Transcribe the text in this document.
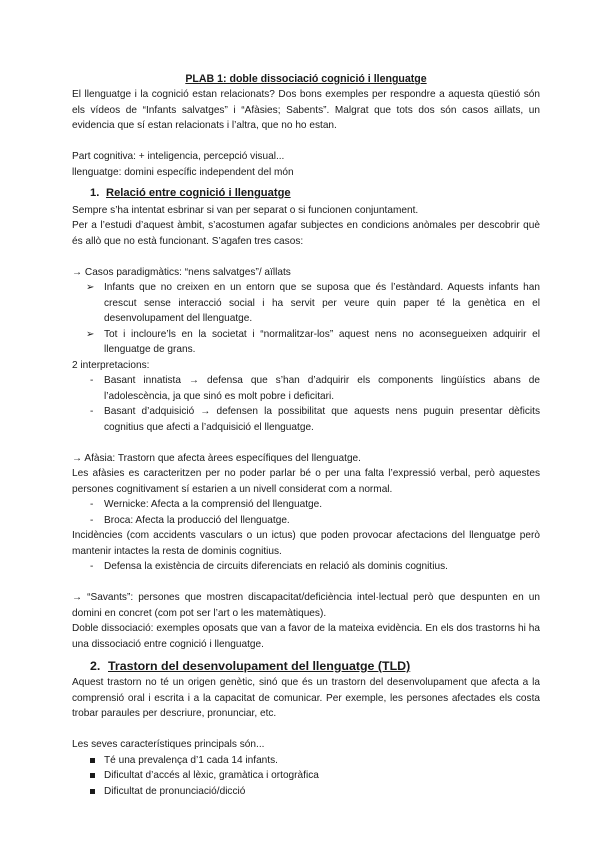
PLAB 1: doble dissociació cognició i llenguatge

El llenguatge i la cognició estan relacionats? Dos bons exemples per respondre a aquesta qüestió són els vídeos de “Infants salvatges” i “Afàsies; Sabents”. Malgrat que tots dos són casos aïllats, un evidencia que sí estan relacionats i l’altra, que no ho estan.

Part cognitiva: + inteligencia, percepció visual...

llenguatge: domini específic independent del món

1. Relació entre cognició i llenguatge

Sempre s’ha intentat esbrinar si van per separat o si funcionen conjuntament.

Per a l’estudi d’aquest àmbit, s’acostumen agafar subjectes en condicions anòmales per descobrir què és allò que no està funcionant. S’agafen tres casos:

→ Casos paradigmàtics: “nens salvatges”/ aïllats

➢ Infants que no creixen en un entorn que se suposa que és l’estàndard. Aquests infants han crescut sense interacció social i ha servit per veure quin paper té la genètica en el desenvolupament del llenguatge.
➢ Tot i incloure’ls en la societat i “normalitzar-los” aquest nens no aconsegueixen adquirir el llenguatge de grans.

2 interpretacions:

- Basant innatista → defensa que s’han d’adquirir els components lingüístics abans de l’adolescència, ja que sinó es molt pobre i deficitari.
- Basant d’adquisició → defensen la possibilitat que aquests nens puguin presentar dèficits cognitius que afecti a l’adquisició el llenguatge.

→ Afàsia: Trastorn que afecta àrees específiques del llenguatge.

Les afàsies es caracteritzen per no poder parlar bé o per una falta l’expressió verbal, però aquestes persones cognitivament sí estarien a un nivell considerat com a normal.

- Wernicke: Afecta a la comprensió del llenguatge.
- Broca: Afecta la producció del llenguatge.

Incidències (com accidents vasculars o un ictus) que poden provocar afectacions del llenguatge però mantenir intactes la resta de dominis cognitius.

- Defensa la existència de circuits diferenciats en relació als dominis cognitius.

→ “Savants”: persones que mostren discapacitat/deficiència intel·lectual però que despunten en un domini en concret (com pot ser l’art o les matemàtiques).

Doble dissociació: exemples oposats que van a favor de la mateixa evidència. En els dos trastorns hi ha una dissociació entre cognició i llenguatge.

2. Trastorn del desenvolupament del llenguatge (TLD)

Aquest trastorn no té un origen genètic, sinó que és un trastorn del desenvolupament que afecta a la comprensió oral i escrita i a la capacitat de comunicar. Per exemple, les persones afectades els costa trobar paraules per descriure, pronunciar, etc.

Les seves característiques principals són...

Té una prevalença d’1 cada 14 infants.
Dificultat d’accés al lèxic, gramàtica i ortogràfica
Dificultat de pronunciació/dicció
